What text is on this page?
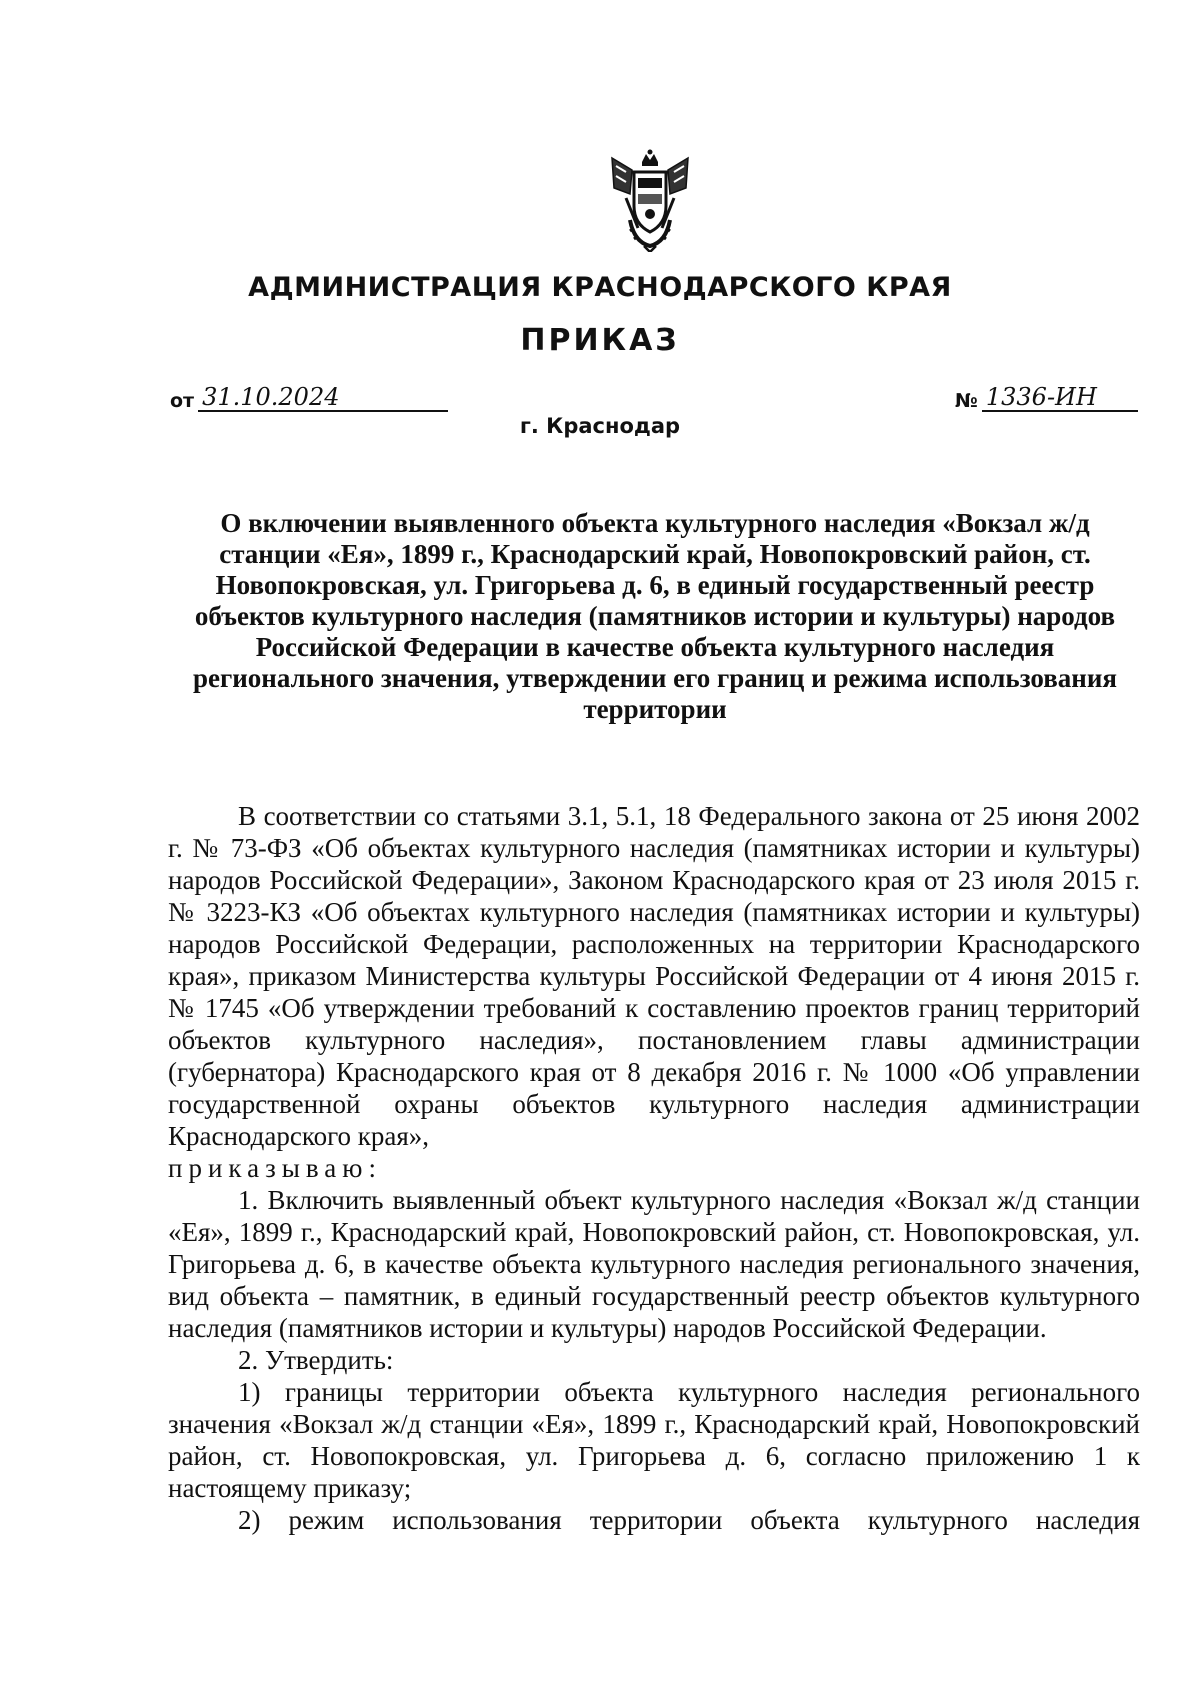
АДМИНИСТРАЦИЯ КРАСНОДАРСКОГО КРАЯ
ПРИКАЗ
от 31.10.2024	№ 1336-ИН

г. Краснодар

О включении выявленного объекта культурного наследия «Вокзал ж/д станции «Ея», 1899 г., Краснодарский край, Новопокровский район, ст. Новопокровская, ул. Григорьева д. 6, в единый государственный реестр объектов культурного наследия (памятников истории и культуры) народов Российской Федерации в качестве объекта культурного наследия регионального значения, утверждении его границ и режима использования территории

В соответствии со статьями 3.1, 5.1, 18 Федерального закона от 25 июня 2002 г. № 73-ФЗ «Об объектах культурного наследия (памятниках истории и культуры) народов Российской Федерации», Законом Краснодарского края от 23 июля 2015 г. № 3223-КЗ «Об объектах культурного наследия (памятниках истории и культуры) народов Российской Федерации, расположенных на территории Краснодарского края», приказом Министерства культуры Российской Федерации от 4 июня 2015 г. № 1745 «Об утверждении требований к составлению проектов границ территорий объектов культурного наследия», постановлением главы администрации (губернатора) Краснодарского края от 8 декабря 2016 г. № 1000 «Об управлении государственной охраны объектов культурного наследия администрации Краснодарского края»,

приказываю:

1. Включить выявленный объект культурного наследия «Вокзал ж/д станции «Ея», 1899 г., Краснодарский край, Новопокровский район, ст. Новопокровская, ул. Григорьева д. 6, в качестве объекта культурного наследия регионального значения, вид объекта – памятник, в единый государственный реестр объектов культурного наследия (памятников истории и культуры) народов Российской Федерации.

2. Утвердить:

1) границы территории объекта культурного наследия регионального значения «Вокзал ж/д станции «Ея», 1899 г., Краснодарский край, Новопокровский район, ст. Новопокровская, ул. Григорьева д. 6, согласно приложению 1 к настоящему приказу;

2) режим использования территории объекта культурного наследия
